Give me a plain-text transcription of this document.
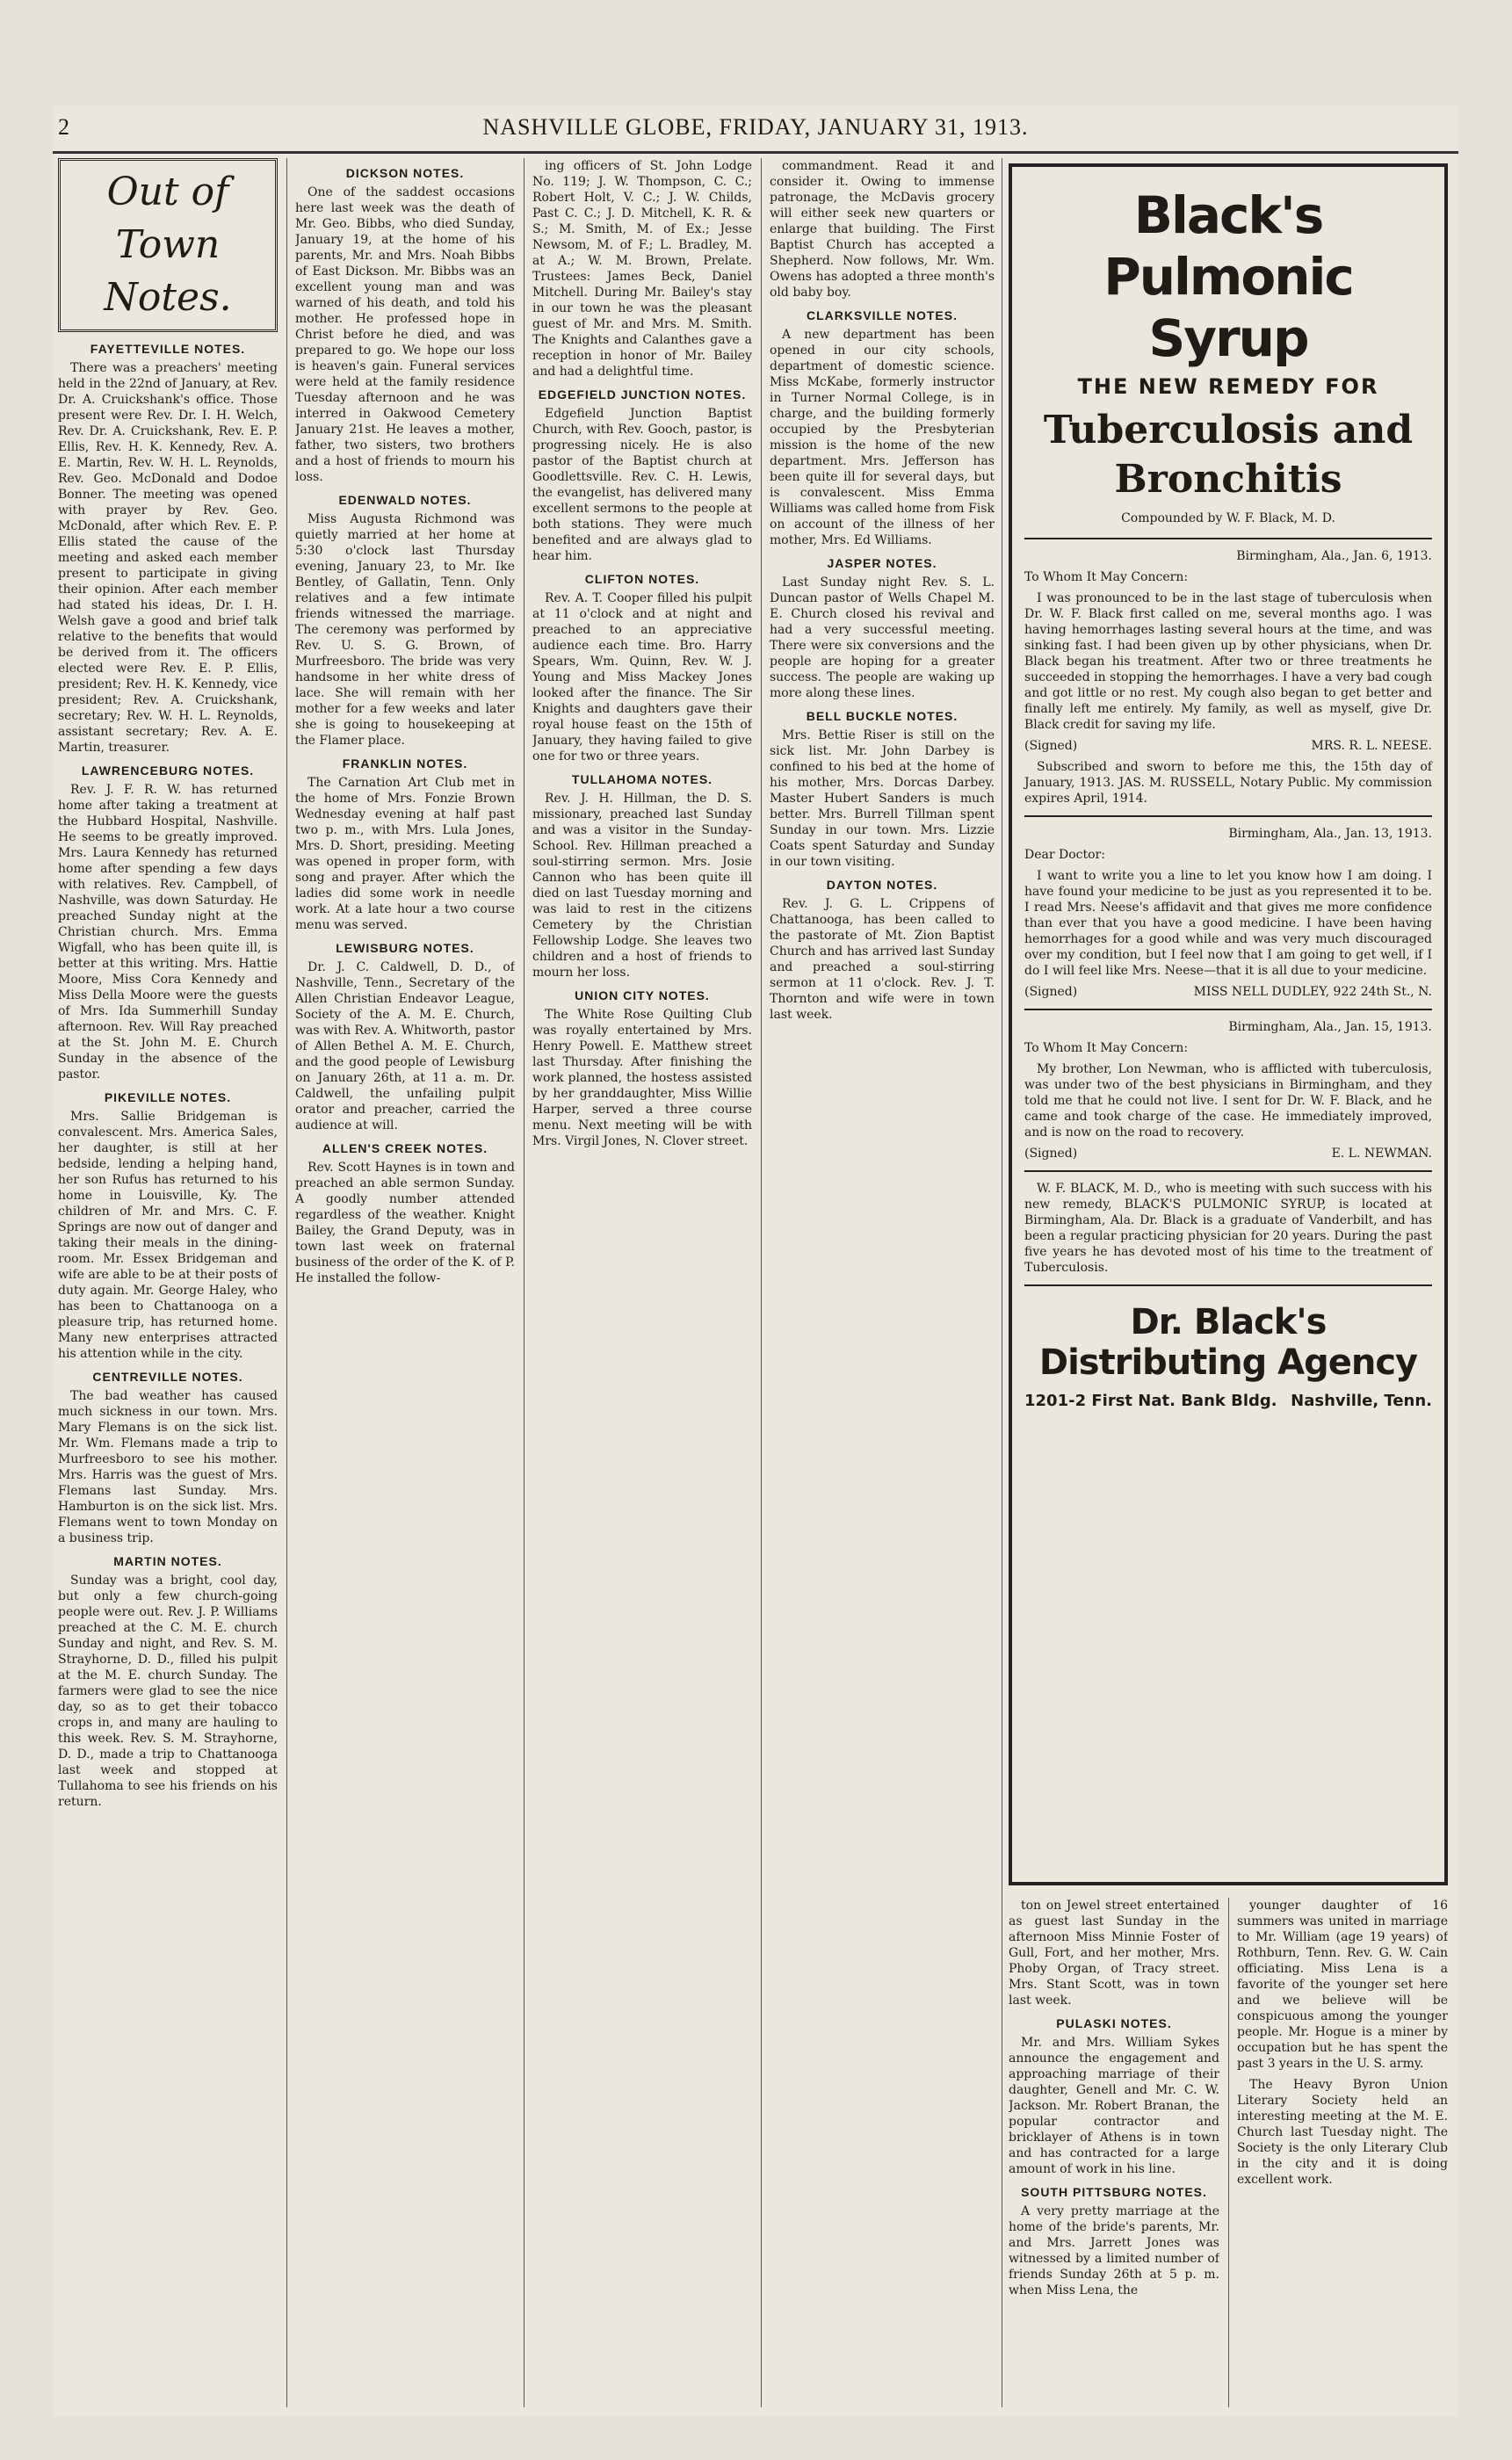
2	NASHVILLE GLOBE, FRIDAY, JANUARY 31, 1913.
Out of Town Notes.
FAYETTEVILLE NOTES.

There was a preachers' meeting held in the 22nd of January, at Rev. Dr. A. Cruickshank's office. Those present were Rev. Dr. I. H. Welch, Rev. Dr. A. Cruickshank, Rev. E. P. Ellis, Rev. H. K. Kennedy, Rev. A. E. Martin, Rev. W. H. L. Reynolds, Rev. Geo. McDonald and Dodoe Bonner. The meeting was opened with prayer by Rev. Geo. McDonald, after which Rev. E. P. Ellis stated the cause of the meeting and asked each member present to participate in giving their opinion. After each member had stated his ideas, Dr. I. H. Welsh gave a good and brief talk relative to the benefits that would be derived from it. The officers elected were Rev. E. P. Ellis, president; Rev. H. K. Kennedy, vice president; Rev. A. Cruickshank, secretary; Rev. W. H. L. Reynolds, assistant secretary; Rev. A. E. Martin, treasurer.

LAWRENCEBURG NOTES.

Rev. J. F. R. W. has returned home after taking a treatment at the Hubbard Hospital, Nashville. He seems to be greatly improved. Mrs. Laura Kennedy has returned home after spending a few days with relatives. Rev. Campbell, of Nashville, was down Saturday. He preached Sunday night at the Christian church. Mrs. Emma Wigfall, who has been quite ill, is better at this writing. Mrs. Hattie Moore, Miss Cora Kennedy and Miss Della Moore were the guests of Mrs. Ida Summerhill Sunday afternoon. Rev. Will Ray preached at the St. John M. E. Church Sunday in the absence of the pastor.

PIKEVILLE NOTES.

Mrs. Sallie Bridgeman is convalescent. Mrs. America Sales, her daughter, is still at her bedside, lending a helping hand, her son Rufus has returned to his home in Louisville, Ky. The children of Mr. and Mrs. C. F. Springs are now out of danger and taking their meals in the dining-room. Mr. Essex Bridgeman and wife are able to be at their posts of duty again. Mr. George Haley, who has been to Chattanooga on a pleasure trip, has returned home. Many new enterprises attracted his attention while in the city.

CENTREVILLE NOTES.

The bad weather has caused much sickness in our town. Mrs. Mary Flemans is on the sick list. Mr. Wm. Flemans made a trip to Murfreesboro to see his mother. Mrs. Harris was the guest of Mrs. Flemans last Sunday. Mrs. Hamburton is on the sick list. Mrs. Flemans went to town Monday on a business trip.

MARTIN NOTES.

Sunday was a bright, cool day, but only a few church-going people were out. Rev. J. P. Williams preached at the C. M. E. church Sunday and night, and Rev. S. M. Strayhorne, D. D., filled his pulpit at the M. E. church Sunday. The farmers were glad to see the nice day, so as to get their tobacco crops in, and many are hauling to this week. Rev. S. M. Strayhorne, D. D., made a trip to Chattanooga last week and stopped at Tullahoma to see his friends on his return.

DICKSON NOTES.

One of the saddest occasions here last week was the death of Mr. Geo. Bibbs, who died Sunday, January 19, at the home of his parents, Mr. and Mrs. Noah Bibbs of East Dickson. Mr. Bibbs was an excellent young man and was warned of his death, and told his mother. He professed hope in Christ before he died, and was prepared to go. We hope our loss is heaven's gain. Funeral services were held at the family residence Tuesday afternoon and he was interred in Oakwood Cemetery January 21st. He leaves a mother, father, two sisters, two brothers and a host of friends to mourn his loss.

EDENWALD NOTES.

Miss Augusta Richmond was quietly married at her home at 5:30 o'clock last Thursday evening, January 23, to Mr. Ike Bentley, of Gallatin, Tenn. Only relatives and a few intimate friends witnessed the marriage. The ceremony was performed by Rev. U. S. G. Brown, of Murfreesboro. The bride was very handsome in her white dress of lace. She will remain with her mother for a few weeks and later she is going to housekeeping at the Flamer place.

FRANKLIN NOTES.

The Carnation Art Club met in the home of Mrs. Fonzie Brown Wednesday evening at half past two p. m., with Mrs. Lula Jones, Mrs. D. Short, presiding. Meeting was opened in proper form, with song and prayer. After which the ladies did some work in needle work. At a late hour a two course menu was served.

LEWISBURG NOTES.

Dr. J. C. Caldwell, D. D., of Nashville, Tenn., Secretary of the Allen Christian Endeavor League, Society of the A. M. E. Church, was with Rev. A. Whitworth, pastor of Allen Bethel A. M. E. Church, and the good people of Lewisburg on January 26th, at 11 a. m. Dr. Caldwell, the unfailing pulpit orator and preacher, carried the audience at will.

ALLEN'S CREEK NOTES.

Rev. Scott Haynes is in town and preached an able sermon Sunday. A goodly number attended regardless of the weather. Knight Bailey, the Grand Deputy, was in town last week on fraternal business of the order of the K. of P. He installed the follow-

ing officers of St. John Lodge No. 119; J. W. Thompson, C. C.; Robert Holt, V. C.; J. W. Childs, Past C. C.; J. D. Mitchell, K. R. & S.; M. Smith, M. of Ex.; Jesse Newsom, M. of F.; L. Bradley, M. at A.; W. M. Brown, Prelate. Trustees: James Beck, Daniel Mitchell. During Mr. Bailey's stay in our town he was the pleasant guest of Mr. and Mrs. M. Smith. The Knights and Calanthes gave a reception in honor of Mr. Bailey and had a delightful time.

EDGEFIELD JUNCTION NOTES.

Edgefield Junction Baptist Church, with Rev. Gooch, pastor, is progressing nicely. He is also pastor of the Baptist church at Goodlettsville. Rev. C. H. Lewis, the evangelist, has delivered many excellent sermons to the people at both stations. They were much benefited and are always glad to hear him.

CLIFTON NOTES.

Rev. A. T. Cooper filled his pulpit at 11 o'clock and at night and preached to an appreciative audience each time. Bro. Harry Spears, Wm. Quinn, Rev. W. J. Young and Miss Mackey Jones looked after the finance. The Sir Knights and daughters gave their royal house feast on the 15th of January, they having failed to give one for two or three years.

TULLAHOMA NOTES.

Rev. J. H. Hillman, the D. S. missionary, preached last Sunday and was a visitor in the Sunday-School. Rev. Hillman preached a soul-stirring sermon. Mrs. Josie Cannon who has been quite ill died on last Tuesday morning and was laid to rest in the citizens Cemetery by the Christian Fellowship Lodge. She leaves two children and a host of friends to mourn her loss.

UNION CITY NOTES.

The White Rose Quilting Club was royally entertained by Mrs. Henry Powell. E. Matthew street last Thursday. After finishing the work planned, the hostess assisted by her granddaughter, Miss Willie Harper, served a three course menu. Next meeting will be with Mrs. Virgil Jones, N. Clover street.

commandment. Read it and consider it. Owing to immense patronage, the McDavis grocery will either seek new quarters or enlarge that building. The First Baptist Church has accepted a Shepherd. Now follows, Mr. Wm. Owens has adopted a three month's old baby boy.

CLARKSVILLE NOTES.

A new department has been opened in our city schools, department of domestic science. Miss McKabe, formerly instructor in Turner Normal College, is in charge, and the building formerly occupied by the Presbyterian mission is the home of the new department. Mrs. Jefferson has been quite ill for several days, but is convalescent. Miss Emma Williams was called home from Fisk on account of the illness of her mother, Mrs. Ed Williams.

JASPER NOTES.

Last Sunday night Rev. S. L. Duncan pastor of Wells Chapel M. E. Church closed his revival and had a very successful meeting. There were six conversions and the people are hoping for a greater success. The people are waking up more along these lines.

BELL BUCKLE NOTES.

Mrs. Bettie Riser is still on the sick list. Mr. John Darbey is confined to his bed at the home of his mother, Mrs. Dorcas Darbey. Master Hubert Sanders is much better. Mrs. Burrell Tillman spent Sunday in our town. Mrs. Lizzie Coats spent Saturday and Sunday in our town visiting.

DAYTON NOTES.

Rev. J. G. L. Crippens of Chattanooga, has been called to the pastorate of Mt. Zion Baptist Church and has arrived last Sunday and preached a soul-stirring sermon at 11 o'clock. Rev. J. T. Thornton and wife were in town last week.

Black's Pulmonic Syrup
THE NEW REMEDY FOR
Tuberculosis and Bronchitis
Compounded by W. F. Black, M. D.

Birmingham, Ala., Jan. 6, 1913.

To Whom It May Concern:

I was pronounced to be in the last stage of tuberculosis when Dr. W. F. Black first called on me, several months ago. I was having hemorrhages lasting several hours at the time, and was sinking fast. I had been given up by other physicians, when Dr. Black began his treatment. After two or three treatments he succeeded in stopping the hemorrhages. I have a very bad cough and got little or no rest. My cough also began to get better and finally left me entirely. My family, as well as myself, give Dr. Black credit for saving my life.

(Signed)	MRS. R. L. NEESE.

Subscribed and sworn to before me this, the 15th day of January, 1913. JAS. M. RUSSELL, Notary Public. My commission expires April, 1914.

Birmingham, Ala., Jan. 13, 1913.

Dear Doctor:

I want to write you a line to let you know how I am doing. I have found your medicine to be just as you represented it to be. I read Mrs. Neese's affidavit and that gives me more confidence than ever that you have a good medicine. I have been having hemorrhages for a good while and was very much discouraged over my condition, but I feel now that I am going to get well, if I do I will feel like Mrs. Neese—that it is all due to your medicine.

(Signed)	MISS NELL DUDLEY, 922 24th St., N.

Birmingham, Ala., Jan. 15, 1913.

To Whom It May Concern:

My brother, Lon Newman, who is afflicted with tuberculosis, was under two of the best physicians in Birmingham, and they told me that he could not live. I sent for Dr. W. F. Black, and he came and took charge of the case. He immediately improved, and is now on the road to recovery.

(Signed)	E. L. NEWMAN.

W. F. BLACK, M. D., who is meeting with such success with his new remedy, BLACK'S PULMONIC SYRUP, is located at Birmingham, Ala. Dr. Black is a graduate of Vanderbilt, and has been a regular practicing physician for 20 years. During the past five years he has devoted most of his time to the treatment of Tuberculosis.

Dr. Black's Distributing Agency
1201-2 First Nat. Bank Bldg. Nashville, Tenn.

ton on Jewel street entertained as guest last Sunday in the afternoon Miss Minnie Foster of Gull, Fort, and her mother, Mrs. Phoby Organ, of Tracy street. Mrs. Stant Scott, was in town last week.

PULASKI NOTES.

Mr. and Mrs. William Sykes announce the engagement and approaching marriage of their daughter, Genell and Mr. C. W. Jackson. Mr. Robert Branan, the popular contractor and bricklayer of Athens is in town and has contracted for a large amount of work in his line.

SOUTH PITTSBURG NOTES.

A very pretty marriage at the home of the bride's parents, Mr. and Mrs. Jarrett Jones was witnessed by a limited number of friends Sunday 26th at 5 p. m. when Miss Lena, the

younger daughter of 16 summers was united in marriage to Mr. William (age 19 years) of Rothburn, Tenn. Rev. G. W. Cain officiating. Miss Lena is a favorite of the younger set here and we believe will be conspicuous among the younger people. Mr. Hogue is a miner by occupation but he has spent the past 3 years in the U. S. army.

The Heavy Byron Union Literary Society held an interesting meeting at the M. E. Church last Tuesday night. The Society is the only Literary Club in the city and it is doing excellent work.
